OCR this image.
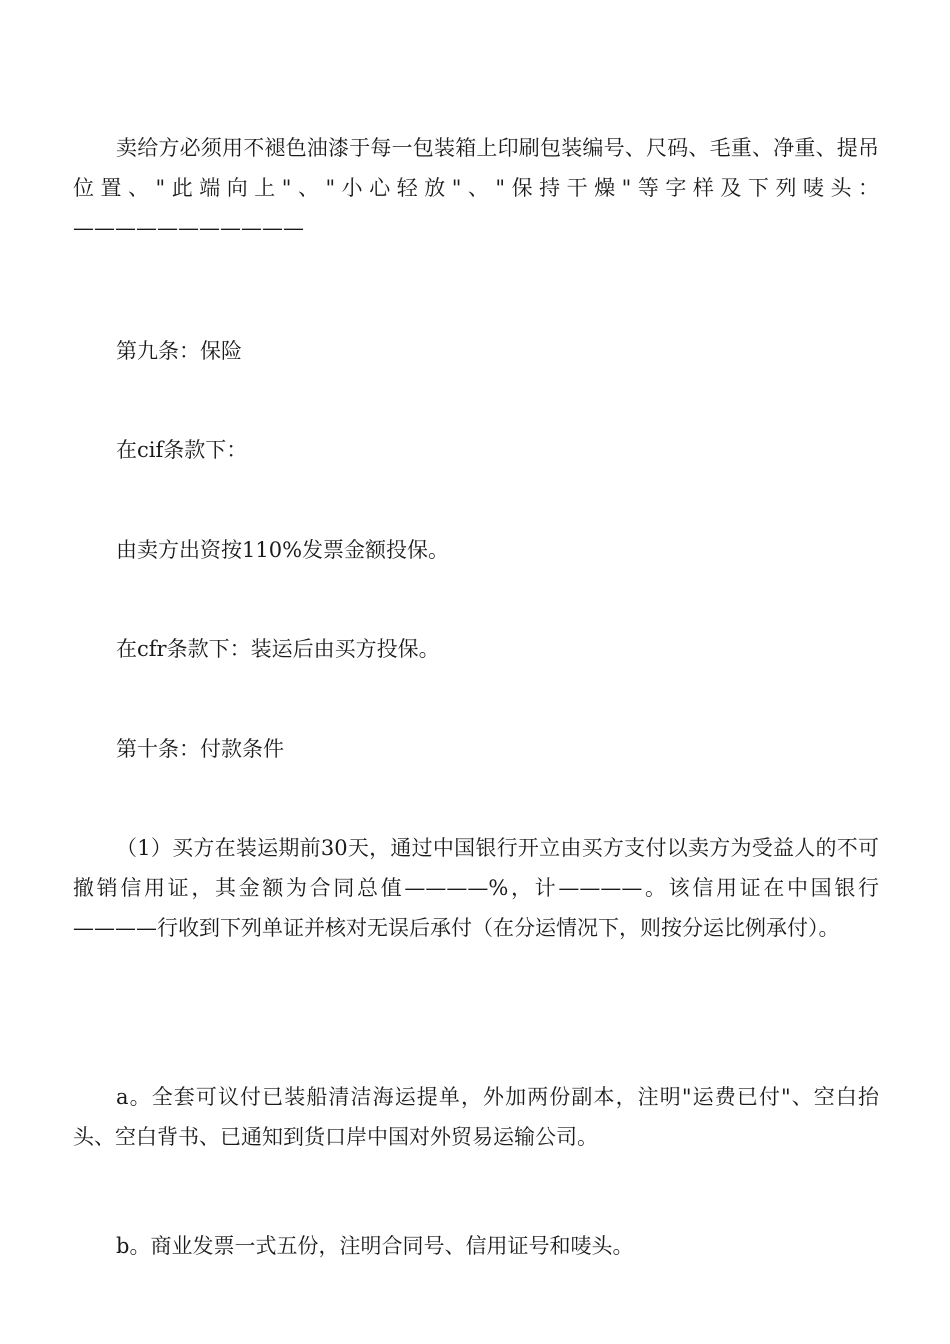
卖给方必须用不褪色油漆于每一包装箱上印刷包装编号、尺码、毛重、净重、提吊位置、"此端向上"、"小心轻放"、"保持干燥"等字样及下列唛头：———————————

第九条：保险

在cif条款下：

由卖方出资按110%发票金额投保。

在cfr条款下：装运后由买方投保。

第十条：付款条件

（1）买方在装运期前30天，通过中国银行开立由买方支付以卖方为受益人的不可撤销信用证，其金额为合同总值————%，计————。该信用证在中国银行————行收到下列单证并核对无误后承付（在分运情况下，则按分运比例承付）。

a。全套可议付已装船清洁海运提单，外加两份副本，注明"运费已付"、空白抬头、空白背书、已通知到货口岸中国对外贸易运输公司。

b。商业发票一式五份，注明合同号、信用证号和唛头。
